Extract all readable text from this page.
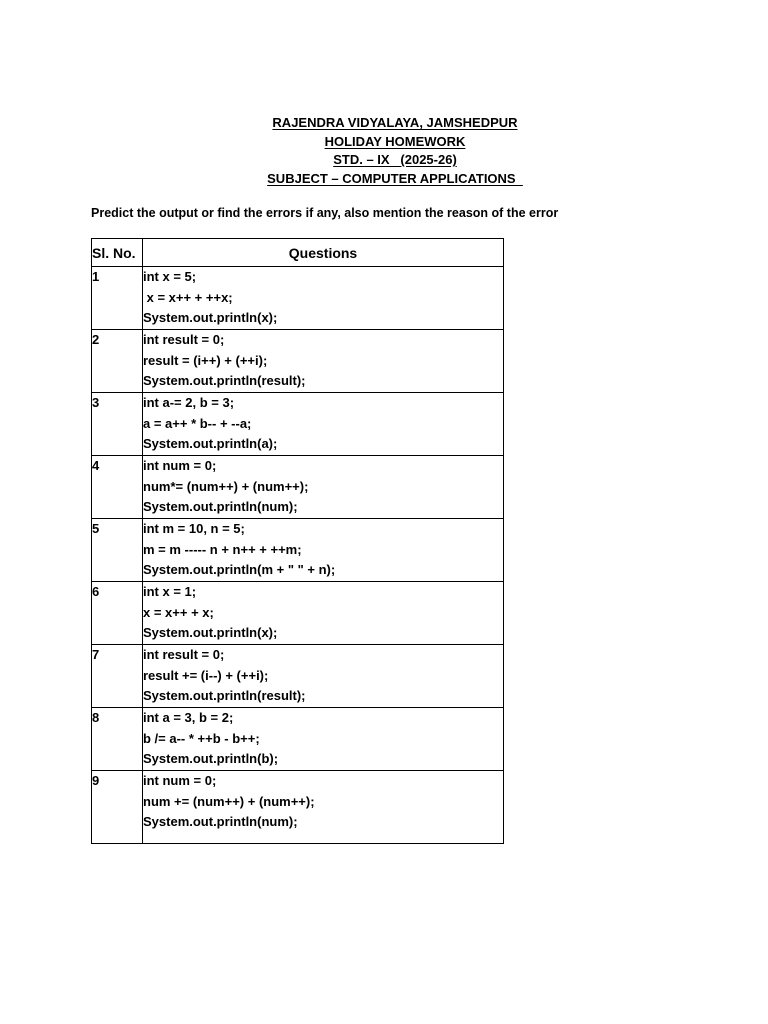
RAJENDRA VIDYALAYA, JAMSHEDPUR
HOLIDAY HOMEWORK
STD. – IX   (2025-26)
SUBJECT – COMPUTER APPLICATIONS
Predict the output or find the errors if any, also mention the reason of the error
Sl. No.	Questions
1	int x = 5;
x = x++ + ++x;
System.out.println(x);

2	int result = 0;
result = (i++) + (++i);
System.out.println(result);

3	int a-= 2, b = 3;
a = a++ * b-- + --a;
System.out.println(a);

4	int num = 0;
num*= (num++) + (num++);
System.out.println(num);

5	int m = 10, n = 5;
m = m ----- n + n++ + ++m;
System.out.println(m + " " + n);

6	int x = 1;
x = x++ + x;
System.out.println(x);

7	int result = 0;
result += (i--) + (++i);
System.out.println(result);

8	int a = 3, b = 2;
b /= a-- * ++b - b++;
System.out.println(b);

9	int num = 0;
num += (num++) + (num++);
System.out.println(num);
